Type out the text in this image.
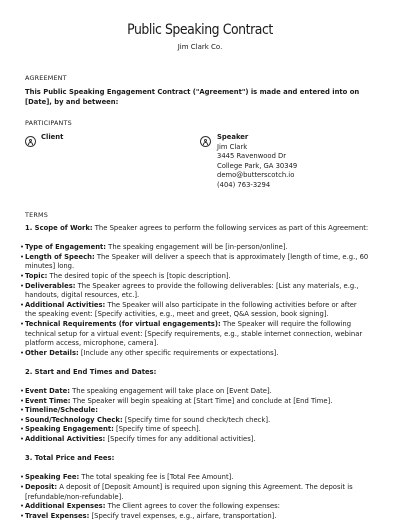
Public Speaking Contract
Jim Clark Co.
AGREEMENT
This Public Speaking Engagement Contract ("Agreement") is made and entered into on [Date], by and between:
PARTICIPANTS
Client	Speaker
Jim Clark
3445 Ravenwood Dr
College Park, GA 30349
demo@butterscotch.io
(404) 763-3294
TERMS

1. Scope of Work: The Speaker agrees to perform the following services as part of this Agreement:

• Type of Engagement: The speaking engagement will be [in-person/online].
• Length of Speech: The Speaker will deliver a speech that is approximately [length of time, e.g., 60 minutes] long.
• Topic: The desired topic of the speech is [topic description].
• Deliverables: The Speaker agrees to provide the following deliverables: [List any materials, e.g., handouts, digital resources, etc.].
• Additional Activities: The Speaker will also participate in the following activities before or after the speaking event: [Specify activities, e.g., meet and greet, Q&A session, book signing].
• Technical Requirements (for virtual engagements): The Speaker will require the following technical setup for a virtual event: [Specify requirements, e.g., stable internet connection, webinar platform access, microphone, camera].
• Other Details: [Include any other specific requirements or expectations].

2. Start and End Times and Dates:

• Event Date: The speaking engagement will take place on [Event Date].
• Event Time: The Speaker will begin speaking at [Start Time] and conclude at [End Time].
• Timeline/Schedule:
• Sound/Technology Check: [Specify time for sound check/tech check].
• Speaking Engagement: [Specify time of speech].
• Additional Activities: [Specify times for any additional activities].

3. Total Price and Fees:

• Speaking Fee: The total speaking fee is [Total Fee Amount].
• Deposit: A deposit of [Deposit Amount] is required upon signing this Agreement. The deposit is [refundable/non-refundable].
• Additional Expenses: The Client agrees to cover the following expenses:
• Travel Expenses: [Specify travel expenses, e.g., airfare, transportation].
